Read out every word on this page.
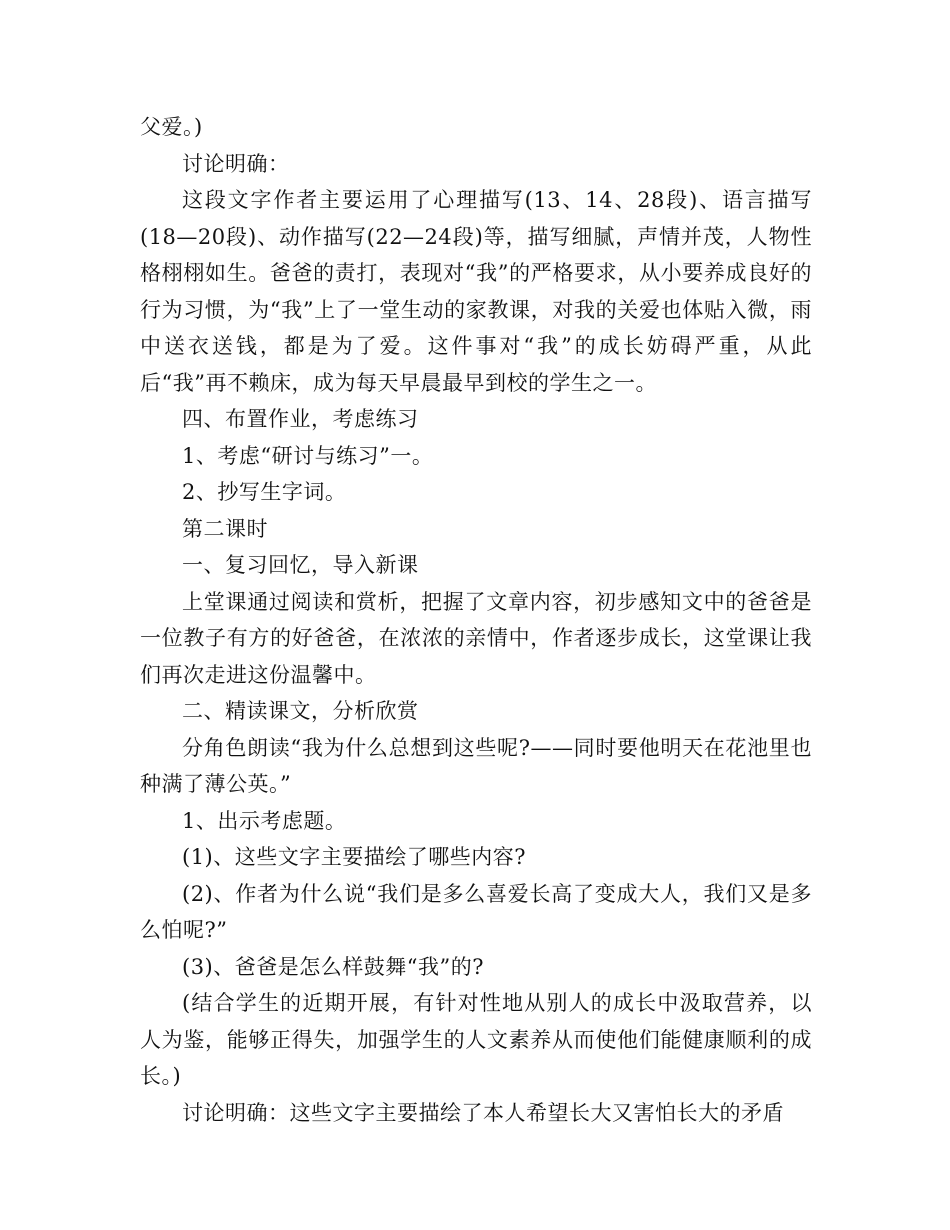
父爱。)

讨论明确：

这段文字作者主要运用了心理描写(13、14、28段)、语言描写(18—20段)、动作描写(22—24段)等，描写细腻，声情并茂，人物性格栩栩如生。爸爸的责打，表现对“我”的严格要求，从小要养成良好的行为习惯，为“我”上了一堂生动的家教课，对我的关爱也体贴入微，雨中送衣送钱，都是为了爱。这件事对“我”的成长妨碍严重，从此后“我”再不赖床，成为每天早晨最早到校的学生之一。

四、布置作业，考虑练习

1、考虑“研讨与练习”一。

2、抄写生字词。

第二课时

一、复习回忆，导入新课

上堂课通过阅读和赏析，把握了文章内容，初步感知文中的爸爸是一位教子有方的好爸爸，在浓浓的亲情中，作者逐步成长，这堂课让我们再次走进这份温馨中。

二、精读课文，分析欣赏

分角色朗读“我为什么总想到这些呢?——同时要他明天在花池里也种满了薄公英。”

1、出示考虑题。

(1)、这些文字主要描绘了哪些内容?

(2)、作者为什么说“我们是多么喜爱长高了变成大人，我们又是多么怕呢?”

(3)、爸爸是怎么样鼓舞“我”的?

(结合学生的近期开展，有针对性地从别人的成长中汲取营养，以人为鉴，能够正得失，加强学生的人文素养从而使他们能健康顺利的成长。)

讨论明确：这些文字主要描绘了本人希望长大又害怕长大的矛盾
